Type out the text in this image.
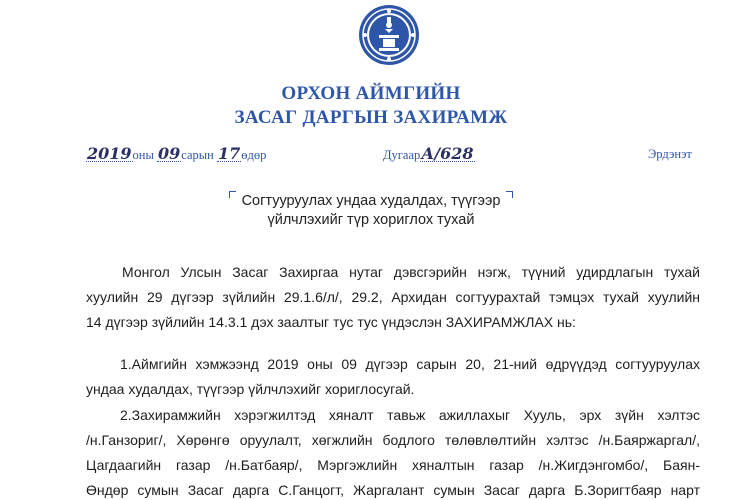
ОРХОН АЙМГИЙН
ЗАСАГ ДАРГЫН ЗАХИРАМЖ
2019оны 09сарын 17өдөр	ДугаарА/628	Эрдэнэт
Согтууруулах ундаа худалдах, түүгээр
үйлчлэхийг түр хориглох тухай
Монгол Улсын Засаг Захиргаа нутаг дэвсгэрийн нэгж, түүний удирдлагын тухай
хуулийн 29 дүгээр зүйлийн 29.1.6/л/, 29.2, Архидан согтуурахтай тэмцэх тухай хуулийн
14 дүгээр зүйлийн 14.3.1 дэх заалтыг тус тус үндэслэн ЗАХИРАМЖЛАХ нь:
1.Аймгийн хэмжээнд 2019 оны 09 дүгээр сарын 20, 21-ний өдрүүдэд согтууруулах
ундаа худалдах, түүгээр үйлчлэхийг хориглосугай.
2.Захирамжийн хэрэгжилтэд хяналт тавьж ажиллахыг Хууль, эрх зүйн хэлтэс
/н.Ганзориг/, Хөрөнгө оруулалт, хөгжлийн бодлого төлөвлөлтийн хэлтэс /н.Баяржаргал/,
Цагдаагийн газар /н.Батбаяр/, Мэргэжлийн хяналтын газар /н.Жигдэнгомбо/, Баян-
Өндөр сумын Засаг дарга С.Ганцогт, Жаргалант сумын Засаг дарга Б.Зоригтбаяр нарт
